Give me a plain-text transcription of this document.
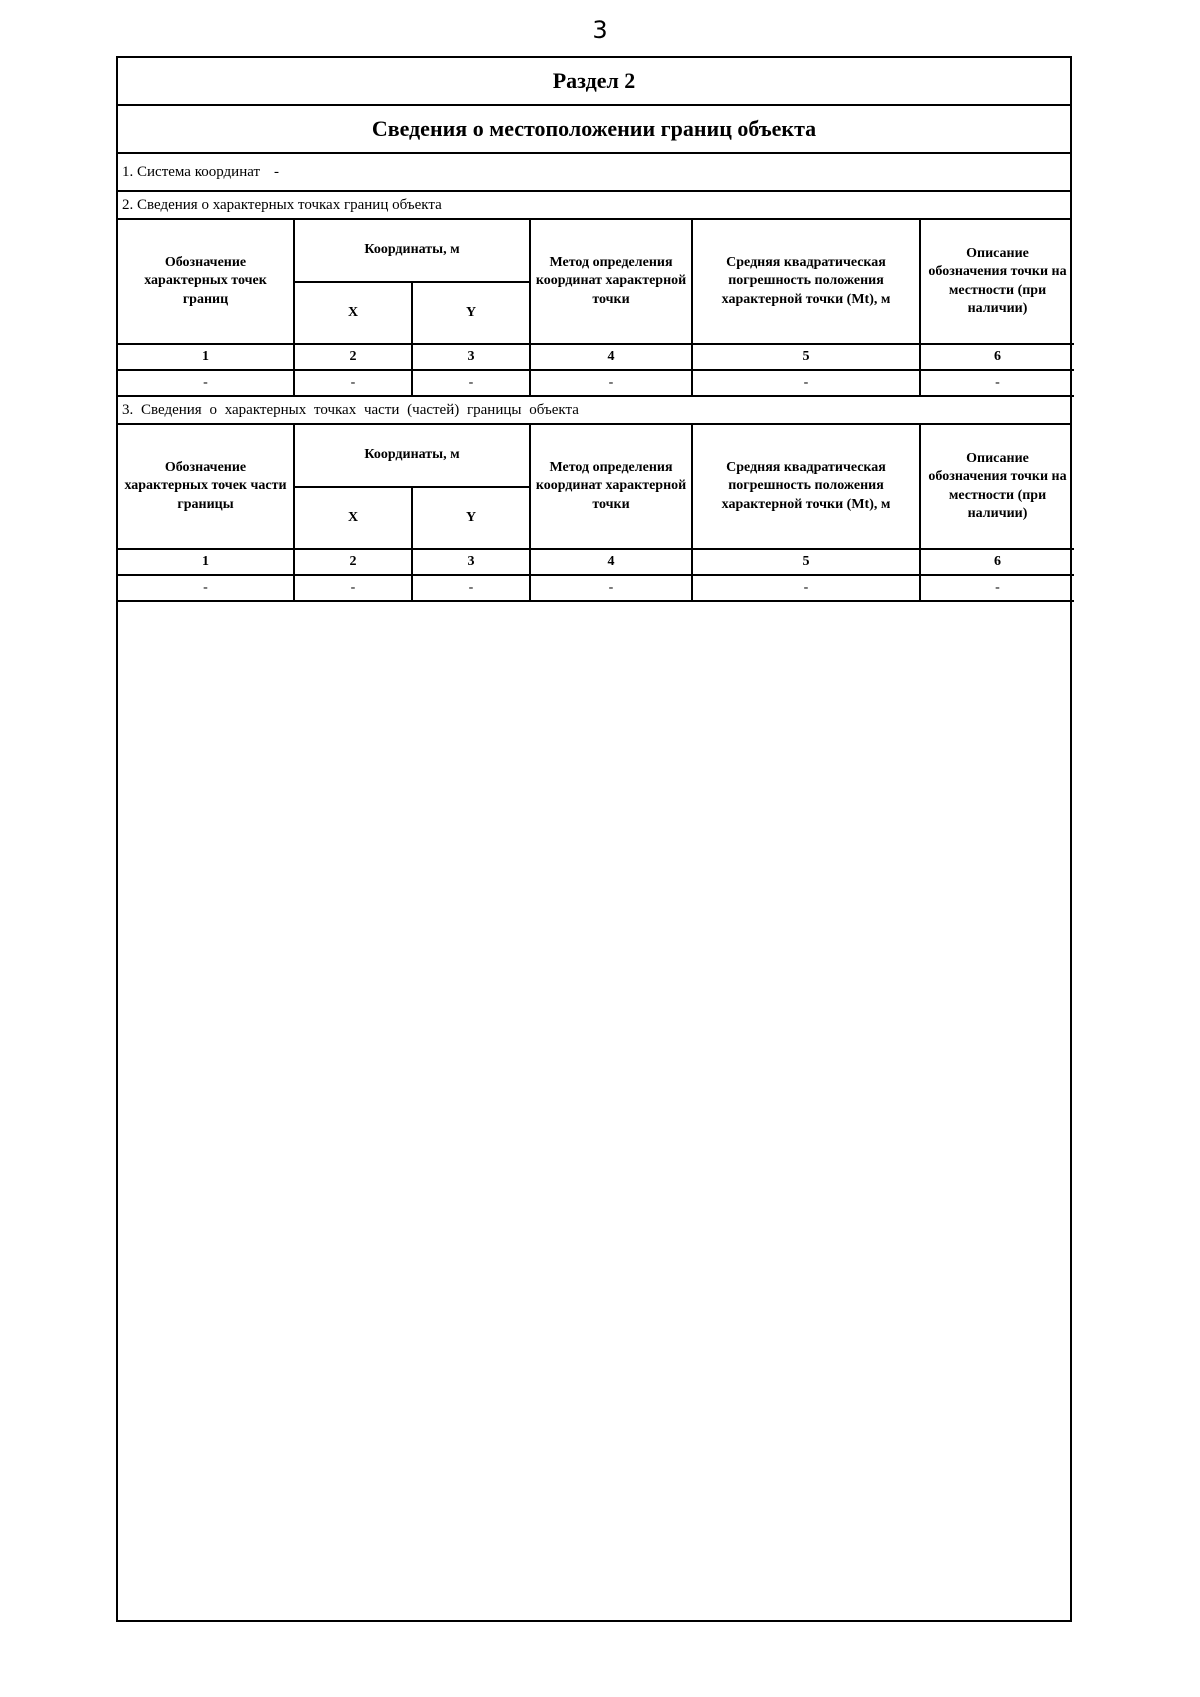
3
Раздел 2
Сведения о местоположении границ объекта
1. Система координат -
2. Сведения о характерных точках границ объекта
Обозначение характерных точек границ	Координаты, м		Метод определения координат характерной точки	Средняя квадратическая погрешность положения характерной точки (Mt), м	Описание обозначения точки на местности (при наличии)
	X	Y			
1	2	3	4	5	6
-	-	-	-	-	-
3. Сведения о характерных точках части (частей) границы объекта
Обозначение характерных точек части границы	Координаты, м		Метод определения координат характерной точки	Средняя квадратическая погрешность положения характерной точки (Mt), м	Описание обозначения точки на местности (при наличии)
	X	Y			
1	2	3	4	5	6
-	-	-	-	-	-
